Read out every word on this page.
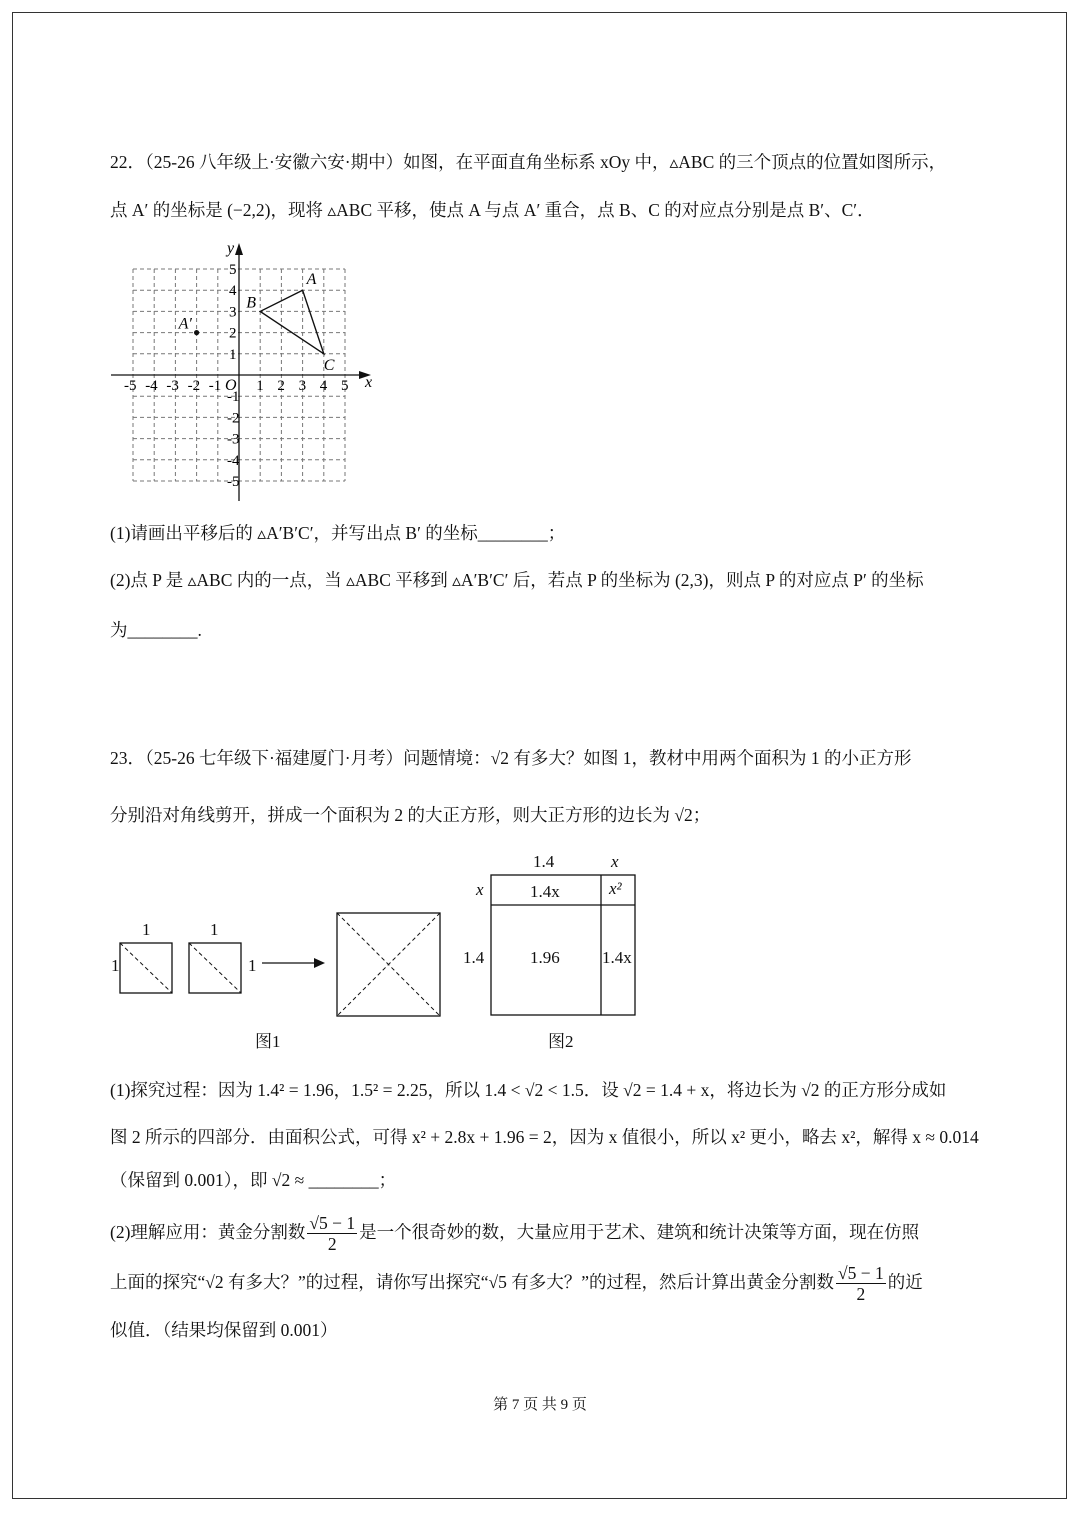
22．（25-26 八年级上·安徽六安·期中）如图，在平面直角坐标系 xOy 中，▵ABC 的三个顶点的位置如图所示，
点 A′ 的坐标是 (−2,2)，现将 ▵ABC 平移，使点 A 与点 A′ 重合，点 B、C 的对应点分别是点 B′、C′．
x
y
O
-5 -4 -3 -2 -1 1 2 3 4 5
5
4
3
2
1
-1
-2
-3
-4
-5
A
B
C
A′
(1)请画出平移后的 ▵A′B′C′，并写出点 B′ 的坐标________；
(2)点 P 是 ▵ABC 内的一点，当 ▵ABC 平移到 ▵A′B′C′ 后，若点 P 的坐标为 (2,3)，则点 P 的对应点 P′ 的坐标
为________.
23．（25-26 七年级下·福建厦门·月考）问题情境：√2 有多大？如图 1，教材中用两个面积为 1 的小正方形
分别沿对角线剪开，拼成一个面积为 2 的大正方形，则大正方形的边长为 √2；
1	1
1	1
图1
1.4	x
x
1.4
1.4x	x²
1.96 1.4x
图2
(1)探究过程：因为 1.4² = 1.96，1.5² = 2.25，所以 1.4 < √2 < 1.5．设 √2 = 1.4 + x，将边长为 √2 的正方形分成如
图 2 所示的四部分．由面积公式，可得 x² + 2.8x + 1.96 = 2，因为 x 值很小，所以 x² 更小，略去 x²，解得 x ≈ 0.014
（保留到 0.001），即 √2 ≈ ________；
(2)理解应用：黄金分割数 $\frac{√5 - 1}{2}$ 是一个很奇妙的数，大量应用于艺术、建筑和统计决策等方面，现在仿照
上面的探究“√2 有多大？”的过程，请你写出探究“√5 有多大？”的过程，然后计算出黄金分割数 $\frac{√5 - 1}{2}$ 的近
似值．（结果均保留到 0.001）
第 7 页 共 9 页
